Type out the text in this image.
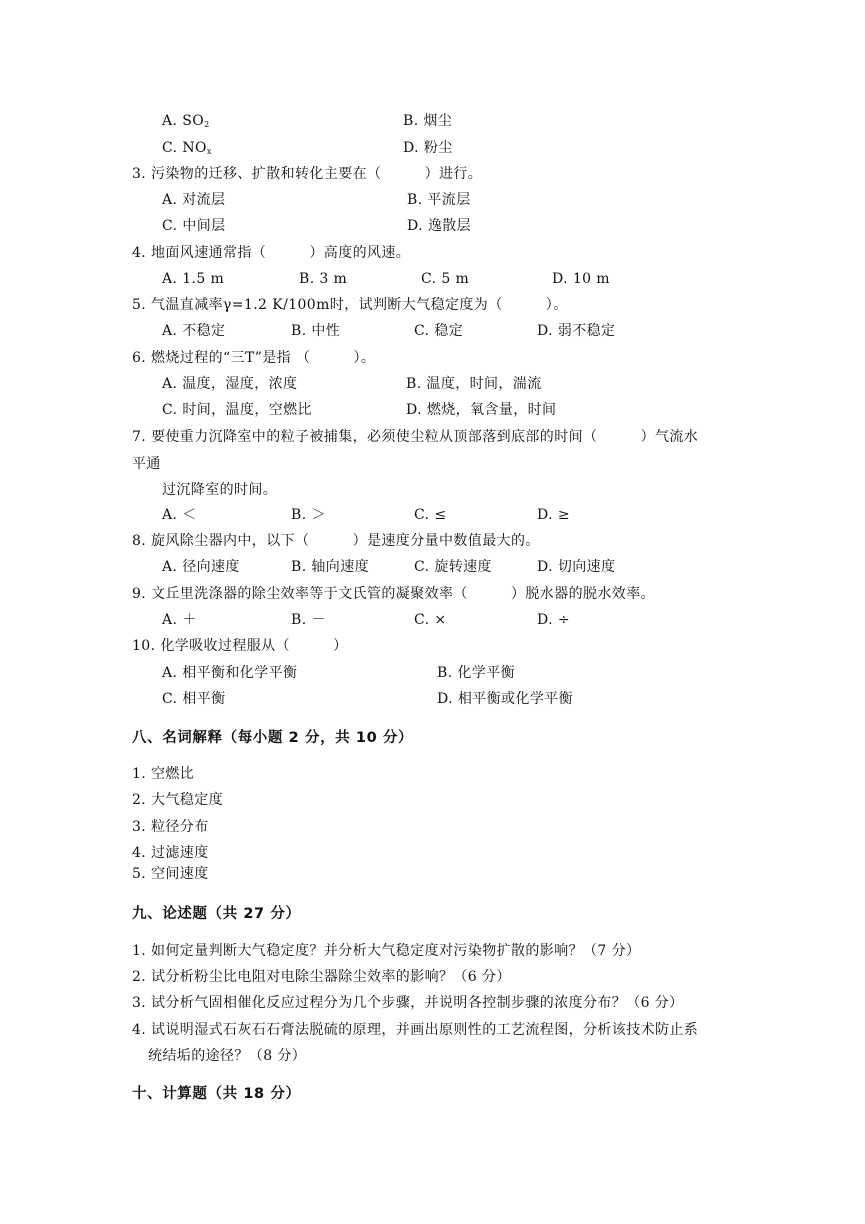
A. $SO_2$	B. 烟尘
C. $NO_x$	D. 粉尘
3. 污染物的迁移、扩散和转化主要在（　　　）进行。
A. 对流层	B. 平流层
C. 中间层	D. 逸散层
4. 地面风速通常指（　　　）高度的风速。
A. 1.5 m	B. 3 m	C. 5 m	D. 10 m
5. 气温直减率γ=1.2 K/100m时，试判断大气稳定度为（　　　）。
A. 不稳定	B. 中性	C. 稳定	D. 弱不稳定
6. 燃烧过程的“三T”是指 （　　　）。
A. 温度，湿度，浓度	B. 温度，时间，湍流
C. 时间，温度，空燃比	D. 燃烧，氧含量，时间
7. 要使重力沉降室中的粒子被捕集，必须使尘粒从顶部落到底部的时间（　　　）气流水
平通
过沉降室的时间。
A. ＜	B. ＞	C. ≤	D. ≥
8. 旋风除尘器内中，以下（　　　）是速度分量中数值最大的。
A. 径向速度	B. 轴向速度	C. 旋转速度	D. 切向速度
9. 文丘里洗涤器的除尘效率等于文氏管的凝聚效率（　　　）脱水器的脱水效率。
A. ＋	B. －	C. ×	D. ÷
10. 化学吸收过程服从（　　　）
A. 相平衡和化学平衡	B. 化学平衡
C. 相平衡	D. 相平衡或化学平衡
八、名词解释（每小题 2 分，共 10 分）
1. 空燃比
2. 大气稳定度
3. 粒径分布
4. 过滤速度
5. 空间速度
九、论述题（共 27 分）
1. 如何定量判断大气稳定度？并分析大气稳定度对污染物扩散的影响？（7 分）
2. 试分析粉尘比电阻对电除尘器除尘效率的影响？（6 分）
3. 试分析气固相催化反应过程分为几个步骤，并说明各控制步骤的浓度分布？（6 分）
4. 试说明湿式石灰石石膏法脱硫的原理，并画出原则性的工艺流程图，分析该技术防止系
统结垢的途径？（8 分）
十、计算题（共 18 分）
